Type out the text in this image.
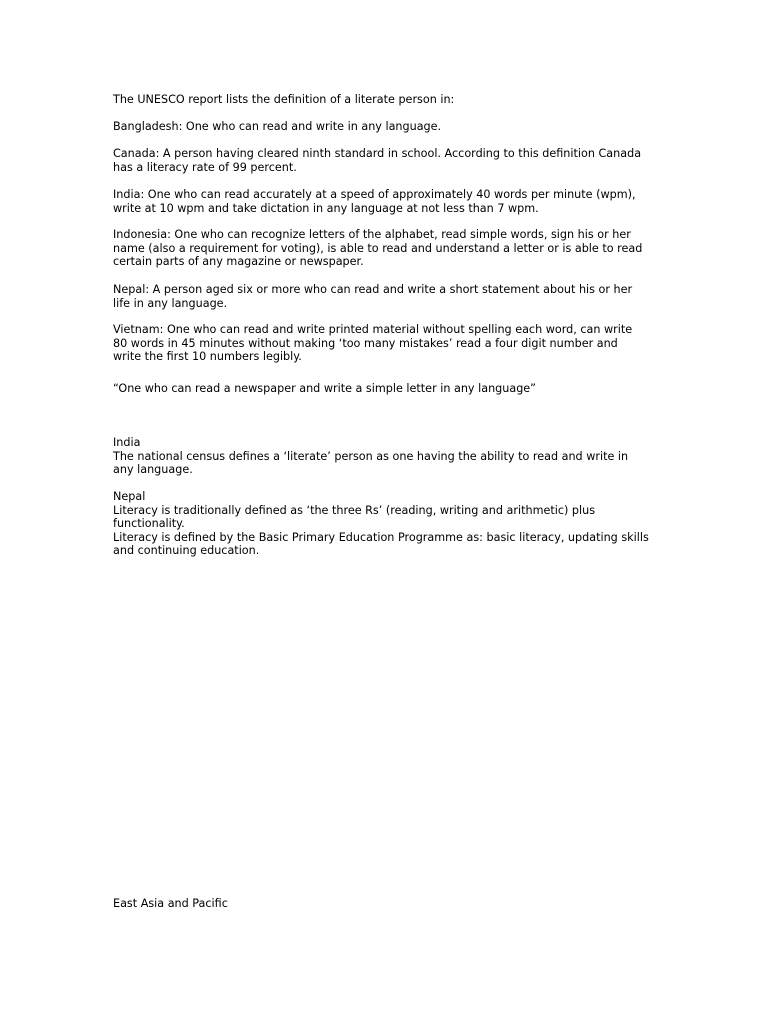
The UNESCO report lists the definition of a literate person in:

Bangladesh: One who can read and write in any language.

Canada: A person having cleared ninth standard in school. According to this definition Canada
has a literacy rate of 99 percent.

India: One who can read accurately at a speed of approximately 40 words per minute (wpm),
write at 10 wpm and take dictation in any language at not less than 7 wpm.

Indonesia: One who can recognize letters of the alphabet, read simple words, sign his or her
name (also a requirement for voting), is able to read and understand a letter or is able to read
certain parts of any magazine or newspaper.

Nepal: A person aged six or more who can read and write a short statement about his or her
life in any language.

Vietnam: One who can read and write printed material without spelling each word, can write
80 words in 45 minutes without making ‘too many mistakes’ read a four digit number and
write the first 10 numbers legibly.

“One who can read a newspaper and write a simple letter in any language”

India
The national census defines a ‘literate’ person as one having the ability to read and write in
any language.
Nepal
Literacy is traditionally defined as ‘the three Rs’ (reading, writing and arithmetic) plus
functionality.
Literacy is defined by the Basic Primary Education Programme as: basic literacy, updating skills
and continuing education.

East Asia and Pacific
